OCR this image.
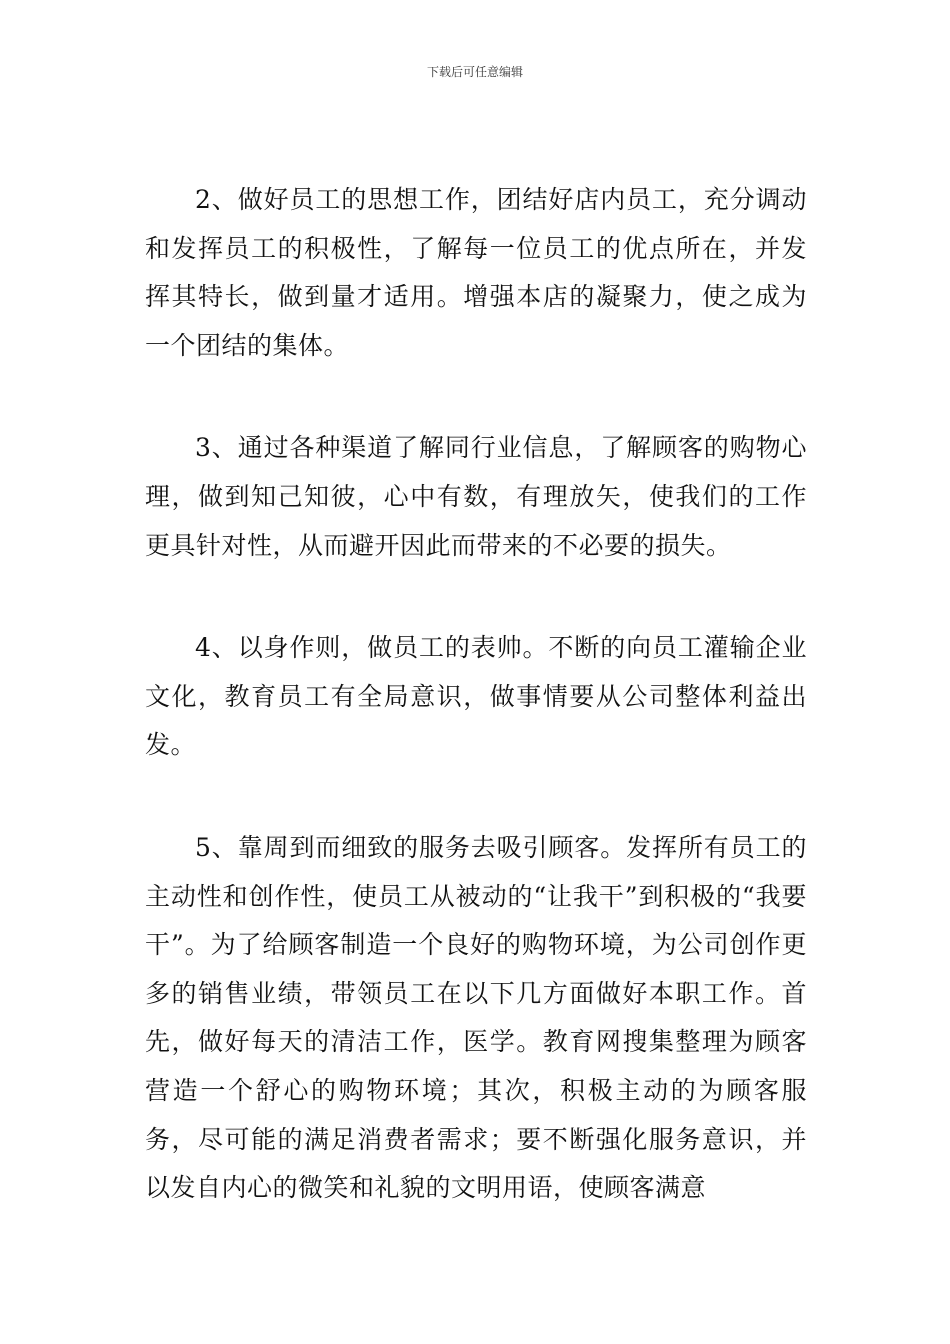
下载后可任意编辑

2、做好员工的思想工作，团结好店内员工，充分调动和发挥员工的积极性，了解每一位员工的优点所在，并发挥其特长，做到量才适用。增强本店的凝聚力，使之成为一个团结的集体。

3、通过各种渠道了解同行业信息，了解顾客的购物心理，做到知己知彼，心中有数，有理放矢，使我们的工作更具针对性，从而避开因此而带来的不必要的损失。

4、以身作则，做员工的表帅。不断的向员工灌输企业文化，教育员工有全局意识，做事情要从公司整体利益出发。

5、靠周到而细致的服务去吸引顾客。发挥所有员工的主动性和创作性，使员工从被动的“让我干”到积极的“我要干”。为了给顾客制造一个良好的购物环境，为公司创作更多的销售业绩，带领员工在以下几方面做好本职工作。首先，做好每天的清洁工作，医学。教育网搜集整理为顾客营造一个舒心的购物环境；其次，积极主动的为顾客服务，尽可能的满足消费者需求；要不断强化服务意识，并以发自内心的微笑和礼貌的文明用语，使顾客满意
